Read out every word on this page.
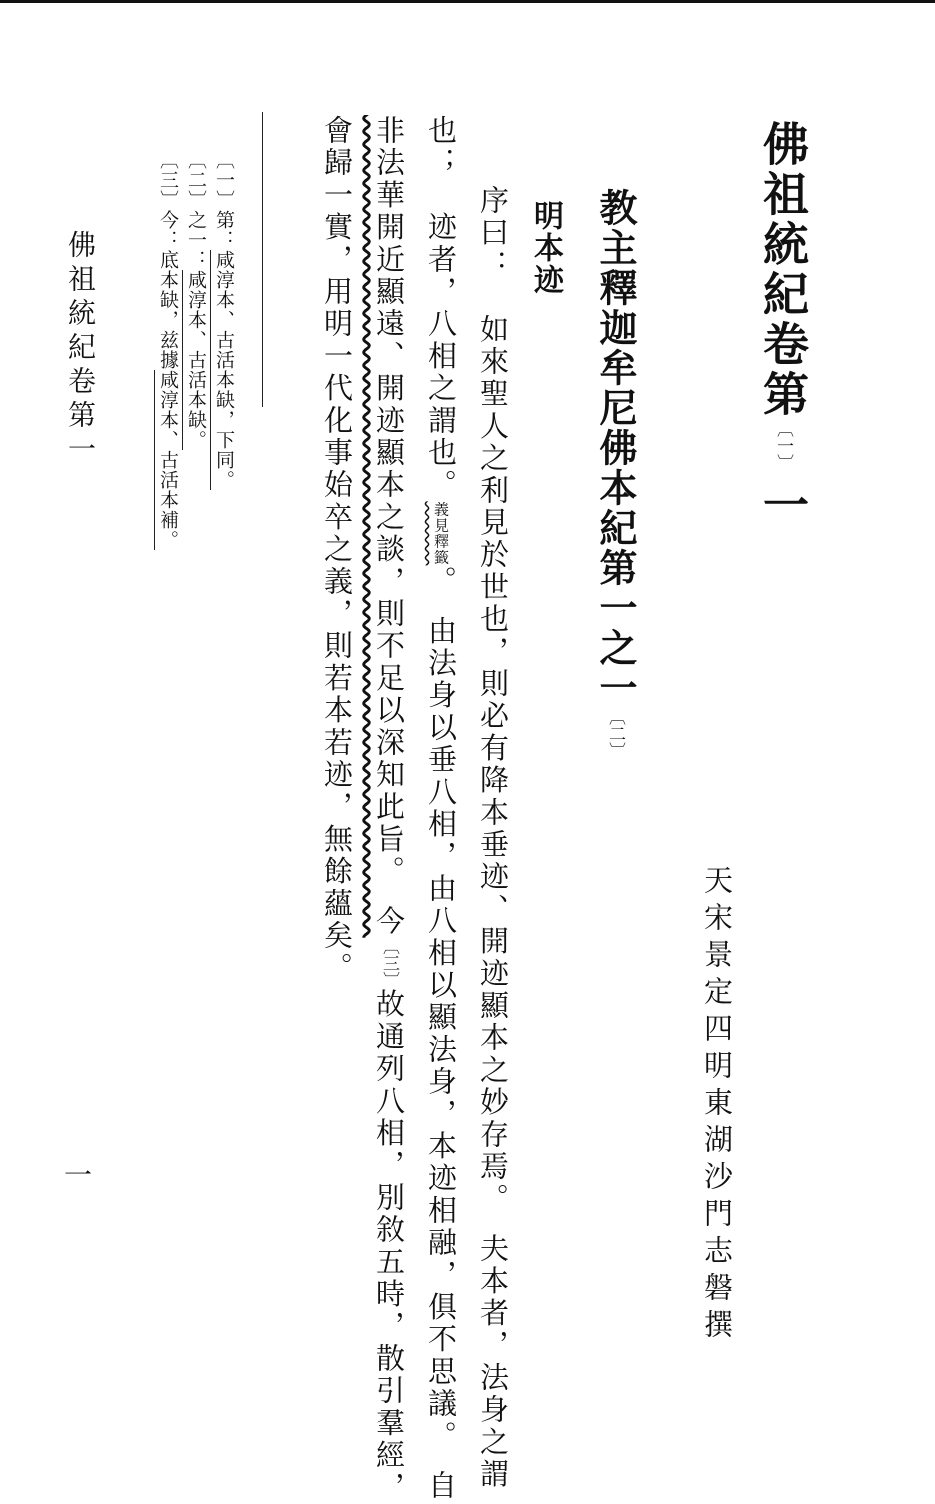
佛祖統紀卷第〔一〕一
天宋景定四明東湖沙門志磐撰
教主釋迦牟尼佛本紀第一之一〔二〕
明本迹
序曰：　如來聖人之利見於世也，則必有降本垂迹、開迹顯本之妙存焉。　夫本者，法身之謂
也；　迹者，八相之謂也。義見釋籤。　由法身以垂八相，由八相以顯法身，本迹相融，俱不思議。　自
非法華開近顯遠、開迹顯本之談，則不足以深知此旨。　今〔三〕故通列八相，別敘五時，散引羣經，
會歸一實，用明一代化事始卒之義，則若本若迹，無餘蘊矣。
〔一〕第：咸淳本、古活本缺，下同。
〔二〕之一：咸淳本、古活本缺。
〔三〕今：底本缺，兹據咸淳本、古活本補。
佛祖統紀卷第一
一
